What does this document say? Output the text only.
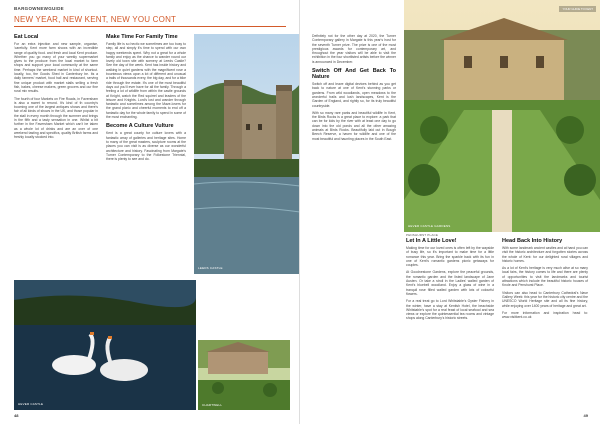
BARGOWNEWGUIDE
NEW YEAR, NEW KENT, NEW YOU CONT
Eat Local

For an extra injection and new sample, organise, 'carefully. Kent more farm shows with an incredible range of quality food. and fresh and local Kent produce. Whether you go many of your weekly supermarket gives to the produce from the local market to farm shops and support your local community at the same time. Perhaps the weekend market in kind of shortcut. locally, too, the Goods Shed in Canterbury be. Its a daily farmers' market, food hall and restaurant, serving fine unique product with market stalls selling a fresh fish, bakes, cheese makers, green grocers and our fine rural mix results.

The fourth of four Markets on Fire Roads, in Faversham is also a sweet to rerund. It's kind of th country's booming one of the largest antiques shows and there's fair of all kinds of shows in the UK, and those popular in the stall in every month through the summer and brings in the fifth and a tasty sensation in one. Whilst a bit further in the Faversham Market which can't be taken as a whole lot of drinks and are an over of one weekend tasting and specifics, quality British farms and freshly locally stocked into.

Make Time For Family Time

Family life is so hectic we sometimes are too busy to step, all and simply it's time to spend with our own happy weekends spent. Why not a great for a whole family and enjoy as the chance to wander round our lovely old town site with scenery at Leeds Castle? See the day of the week. Kent has inside history and walking in quiet gardens with the magnificent rose a bounteous views upon a lot of different and unusual a trails of thousands every, the big day, and for a bike ride through the estate. It's one of the most beautiful days out you'll ever have for all the family. Through a feeling a lot of wildlife from within the castle grounds at Knight, watch the Red squirrel and leaders of the leisure and Knights. Lord's lost and wander through fantastic and sometimes among the Maze-lovers for the grand picnic and cheerful moments to end off a fantastic day for the whole family to spend in some of the most enchanting.

Become A Culture Vulture

Kent is a great county for culture lovers with a fantastic array of galleries and heritage sites. Home to many of the great masters, sculpture rooms at the places you can visit is as diverse as our wonderful architecture and history. Fascinating from Margate's Turner Contemporary to the Folkestone Triennial, there is plenty to see and do.

LEEDS CASTLE
HEVER CASTLE	CHARTWELL
48

Definitely not for the other day at 2020, the Turner Contemporary gallery in Margate is this year's host for the seventh Turner prize. The prize is one of the most prestigious awards for contemporary art, and throughout the year visitors will be able to visit the exhibition in the four shortlisted artists before the winner is announced in December.

Switch Off And Get Back To Nature

Switch off and leave digital devices behind as you get back to nature at one of Kent's stunning parks or gardens. From wild woodlands, open meadows to the wonderful trails and lush landscapes, Kent is the Garden of England, and rightly so, for its truly beautiful countryside.

With so many rare parks and beautiful wildlife in Kent, the Birds Rocks is a great place to explore: a park that can be for kids by the river with at least one day to go down into the old ponds and all the other amazing animals at Birds Rocks. Beautifully laid out in Bough Beech Reserve, a haven for wildlife and one of the most beautiful and haunting places in the South East.

YOUR GUIDE TO KENT
HEVER CASTLE GARDENS
Let In A Little Love!

Making time for our loved ones is often left by the wayside of busy life, so it's important to make time for a little romance this year. Bring the sparkle back with its fun in one of Kent's romantic gardens picnic getaways for couples.

At Goodnestone Gardens, explore the peaceful grounds, the romantic garden and the listed landscape of Jane Austen. Or take a stroll in the Ladies' walled garden of Kent's bluebell woodland. Enjoy a glass of wine in a tranquil rose filled walled garden with lots of colourful flowers.

For a real treat go to Lord Whitstable's Oyster Fishery in the winter, have a stay at Kentish Hotel, the beachside Whitstable's spot for a real feast of local seafood and sea views or explore the quintessential tea rooms and vintage shops along Canterbury's historic streets.

Head Back Into History

With some landmark ancient castles and at hand you can visit the historic architecture and forgotten stories across the whole of Kent: for our delighted rural villages and historic homes.

As a lot of Kent's heritage is very much alive at so many local fairs, the history comes to life and there are plenty of opportunities to visit the landmarks and tourist attractions which include the beautiful historic houses of Knole and Penshurst Place.

Visitors can also head to Canterbury Cathedral's Nave Gallery Week: this year for the historic city centre and the UNESCO World Heritage site and all its fine history, while enjoying over 1400 years of heritage and great art.

For more information and inspiration head to: www.visitkent.co.uk

PENSHURST PLACE
49
